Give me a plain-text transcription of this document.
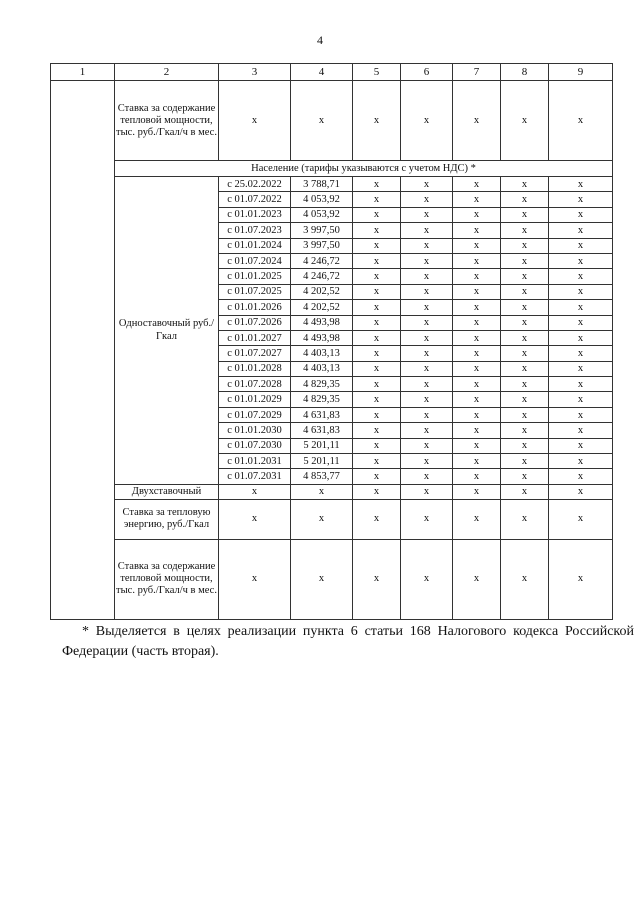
4
1	2	3	4	5	6	7	8	9
	Ставка за содержание тепловой мощности, тыс. руб./Гкал/ч в мес.	х	х	х	х	х	х	х
	Население (тарифы указываются с учетом НДС) *							
	Одноставочный руб./Гкал	с 25.02.2022	3 788,71	х	х	х	х	х
		с 01.07.2022	4 053,92	х	х	х	х	х
		с 01.01.2023	4 053,92	х	х	х	х	х
		с 01.07.2023	3 997,50	х	х	х	х	х
		с 01.01.2024	3 997,50	х	х	х	х	х
		с 01.07.2024	4 246,72	х	х	х	х	х
		с 01.01.2025	4 246,72	х	х	х	х	х
		с 01.07.2025	4 202,52	х	х	х	х	х
		с 01.01.2026	4 202,52	х	х	х	х	х
		с 01.07.2026	4 493,98	х	х	х	х	х
		с 01.01.2027	4 493,98	х	х	х	х	х
		с 01.07.2027	4 403,13	х	х	х	х	х
		с 01.01.2028	4 403,13	х	х	х	х	х
		с 01.07.2028	4 829,35	х	х	х	х	х
		с 01.01.2029	4 829,35	х	х	х	х	х
		с 01.07.2029	4 631,83	х	х	х	х	х
		с 01.01.2030	4 631,83	х	х	х	х	х
		с 01.07.2030	5 201,11	х	х	х	х	х
		с 01.01.2031	5 201,11	х	х	х	х	х
		с 01.07.2031	4 853,77	х	х	х	х	х
	Двухставочный	х	х	х	х	х	х	х
	Ставка за тепловую энергию, руб./Гкал	х	х	х	х	х	х	х
	Ставка за содержание тепловой мощности, тыс. руб./Гкал/ч в мес.	х	х	х	х	х	х	х
* Выделяется в целях реализации пункта 6 статьи 168 Налогового кодекса Российской Федерации (часть вторая).
